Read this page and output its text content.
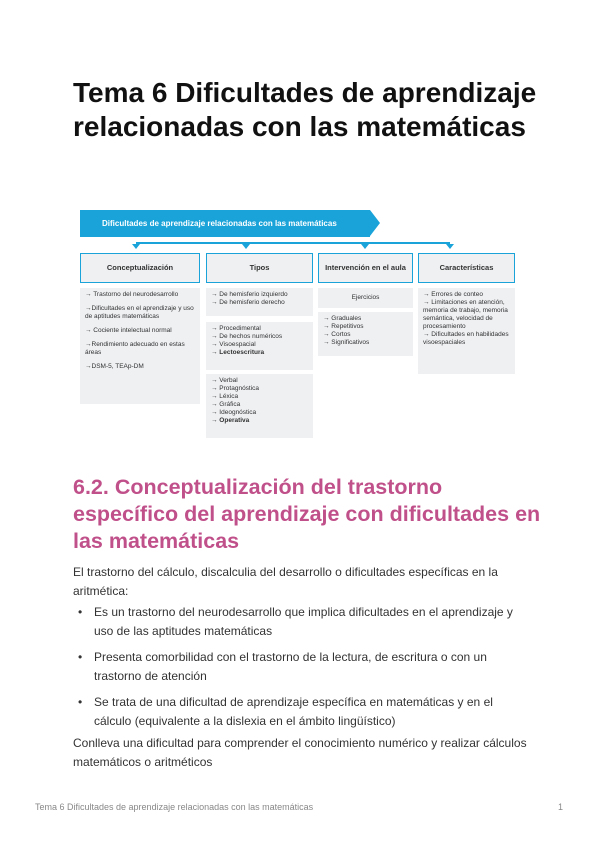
Tema 6 Dificultades de aprendizaje relacionadas con las matemáticas
Dificultades de aprendizaje relacionadas con las matemáticas
Conceptualización	Tipos	Intervención en el aula	Características
→ Trastorno del neurodesarrollo
→Dificultades en el aprendizaje y uso de aptitudes matemáticas
→ Cociente intelectual normal
→Rendimiento adecuado en estas áreas
→DSM-5, TEAp-DM
→ De hemisferio izquierdo
→ De hemisferio derecho
→ Procedimental
→ De hechos numéricos
→ Visoespacial
→ Lectoescritura
→ Verbal
→ Protagnóstica
→ Léxica
→ Gráfica
→ Ideognóstica
→ Operativa
Ejercicios
→ Graduales
→ Repetitivos
→ Cortos
→ Significativos
→ Errores de conteo
→ Limitaciones en atención, memoria de trabajo, memoria semántica, velocidad de procesamiento
→ Dificultades en habilidades visoespaciales
6.2. Conceptualización del trastorno específico del aprendizaje con dificultades en las matemáticas

El trastorno del cálculo, discalculia del desarrollo o dificultades específicas en la aritmética:

• Es un trastorno del neurodesarrollo que implica dificultades en el aprendizaje y uso de las aptitudes matemáticas
• Presenta comorbilidad con el trastorno de la lectura, de escritura o con un trastorno de atención
• Se trata de una dificultad de aprendizaje específica en matemáticas y en el cálculo (equivalente a la dislexia en el ámbito lingüístico)

Conlleva una dificultad para comprender el conocimiento numérico y realizar cálculos matemáticos o aritméticos

Tema 6 Dificultades de aprendizaje relacionadas con las matemáticas	1
